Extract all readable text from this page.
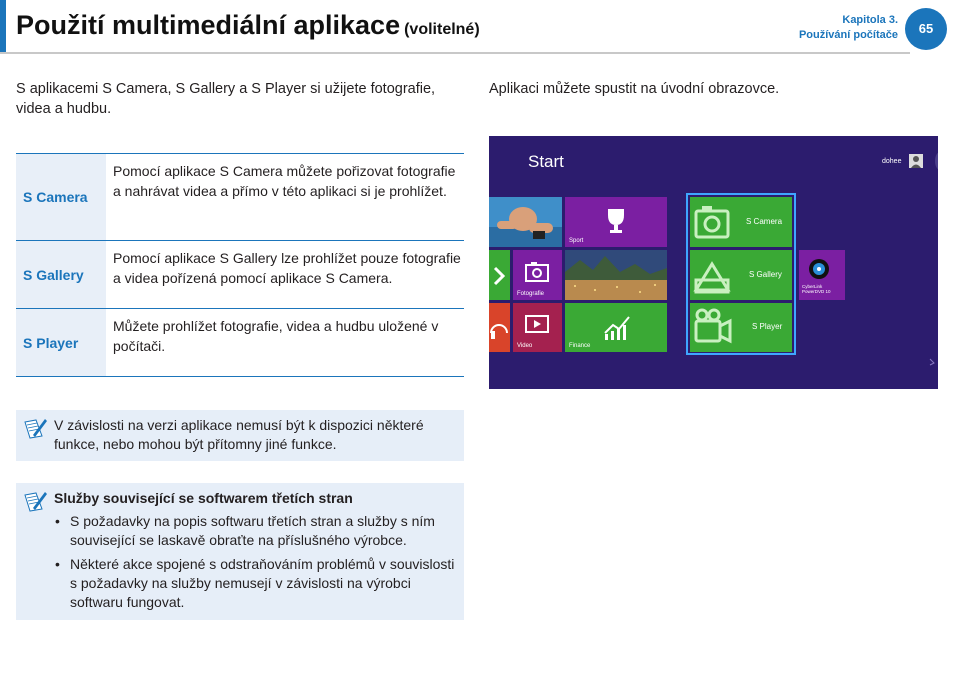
Použití multimediální aplikace (volitelné)
Kapitola 3.
Používání počítače	65
S aplikacemi S Camera, S Gallery a S Player si užijete fotografie, videa a hudbu.
Aplikaci můžete spustit na úvodní obrazovce.
S Camera
Pomocí aplikace S Camera můžete pořizovat fotografie a nahrávat videa a přímo v této aplikaci si je prohlížet.
S Gallery
Pomocí aplikace S Gallery lze prohlížet pouze fotografie a videa pořízená pomocí aplikace S Camera.
S Player
Můžete prohlížet fotografie, videa a hudbu uložené v počítači.
V závislosti na verzi aplikace nemusí být k dispozici některé funkce, nebo mohou být přítomny jiné funkce.
Služby související se softwarem třetích stran
• S požadavky na popis softwaru třetích stran a služby s ním související se laskavě obraťte na příslušného výrobce.
• Některé akce spojené s odstraňováním problémů v souvislosti s požadavky na služby nemusejí v závislosti na výrobci softwaru fungovat.
Start	dohee
Fotografie
Video
Sport
Finance
S Camera
S Gallery
S Player
CyberLink PowerDVD 10
